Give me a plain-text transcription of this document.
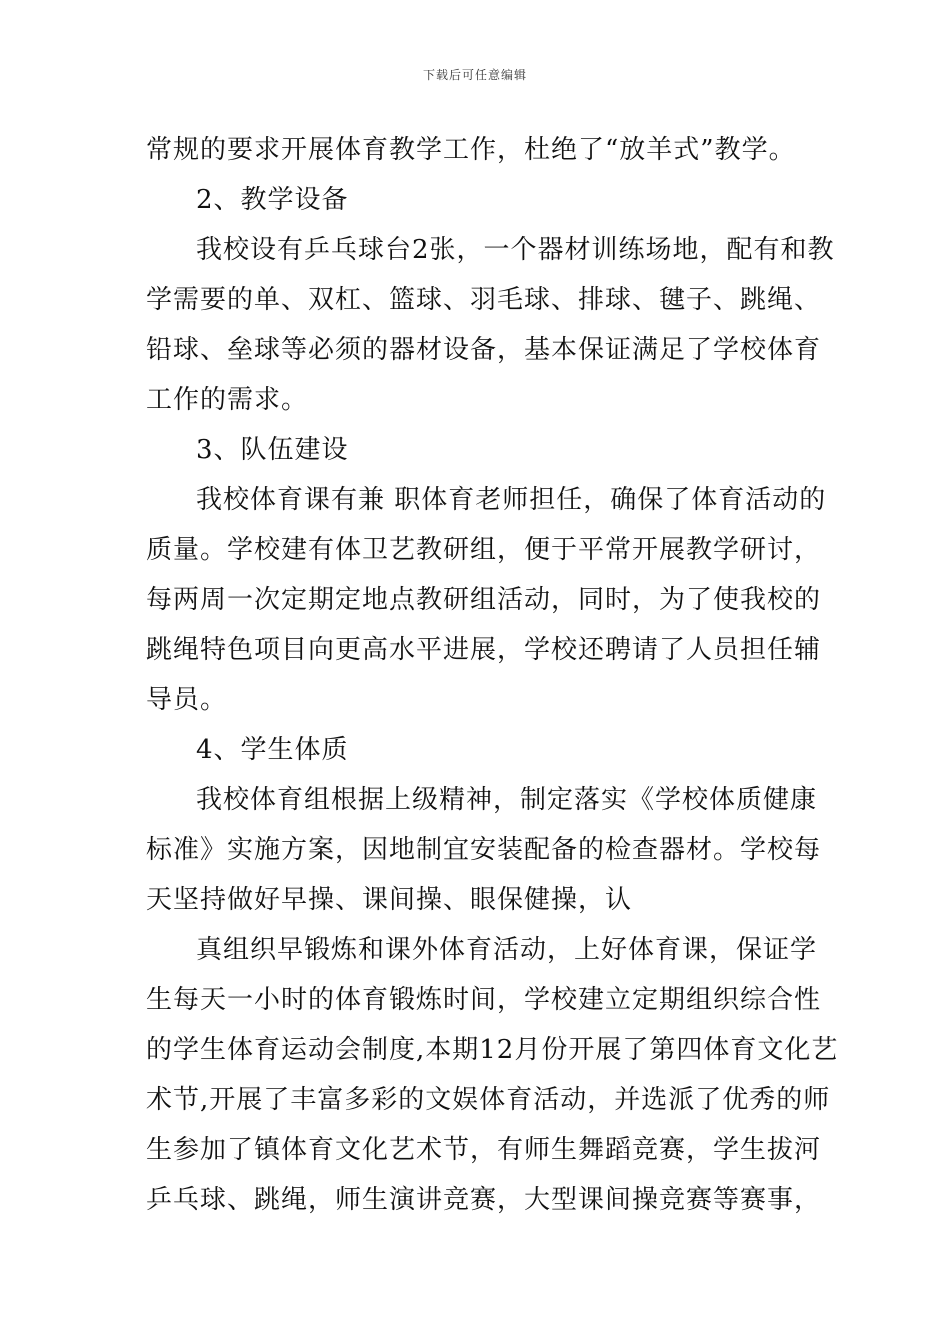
下载后可任意编辑
常规的要求开展体育教学工作，杜绝了“放羊式”教学。
2、教学设备
我校设有乒乓球台2张，一个器材训练场地，配有和教
学需要的单、双杠、篮球、羽毛球、排球、毽子、跳绳、
铅球、垒球等必须的器材设备，基本保证满足了学校体育
工作的需求。
3、队伍建设
我校体育课有兼 职体育老师担任，确保了体育活动的
质量。学校建有体卫艺教研组，便于平常开展教学研讨，
每两周一次定期定地点教研组活动，同时，为了使我校的
跳绳特色项目向更高水平进展，学校还聘请了人员担任辅
导员。
4、学生体质
我校体育组根据上级精神，制定落实《学校体质健康
标准》实施方案，因地制宜安装配备的检查器材。学校每
天坚持做好早操、课间操、眼保健操，认
真组织早锻炼和课外体育活动，上好体育课，保证学
生每天一小时的体育锻炼时间，学校建立定期组织综合性
的学生体育运动会制度,本期12月份开展了第四体育文化艺
术节,开展了丰富多彩的文娱体育活动，并选派了优秀的师
生参加了镇体育文化艺术节，有师生舞蹈竞赛，学生拔河
乒乓球、跳绳，师生演讲竞赛，大型课间操竞赛等赛事，
